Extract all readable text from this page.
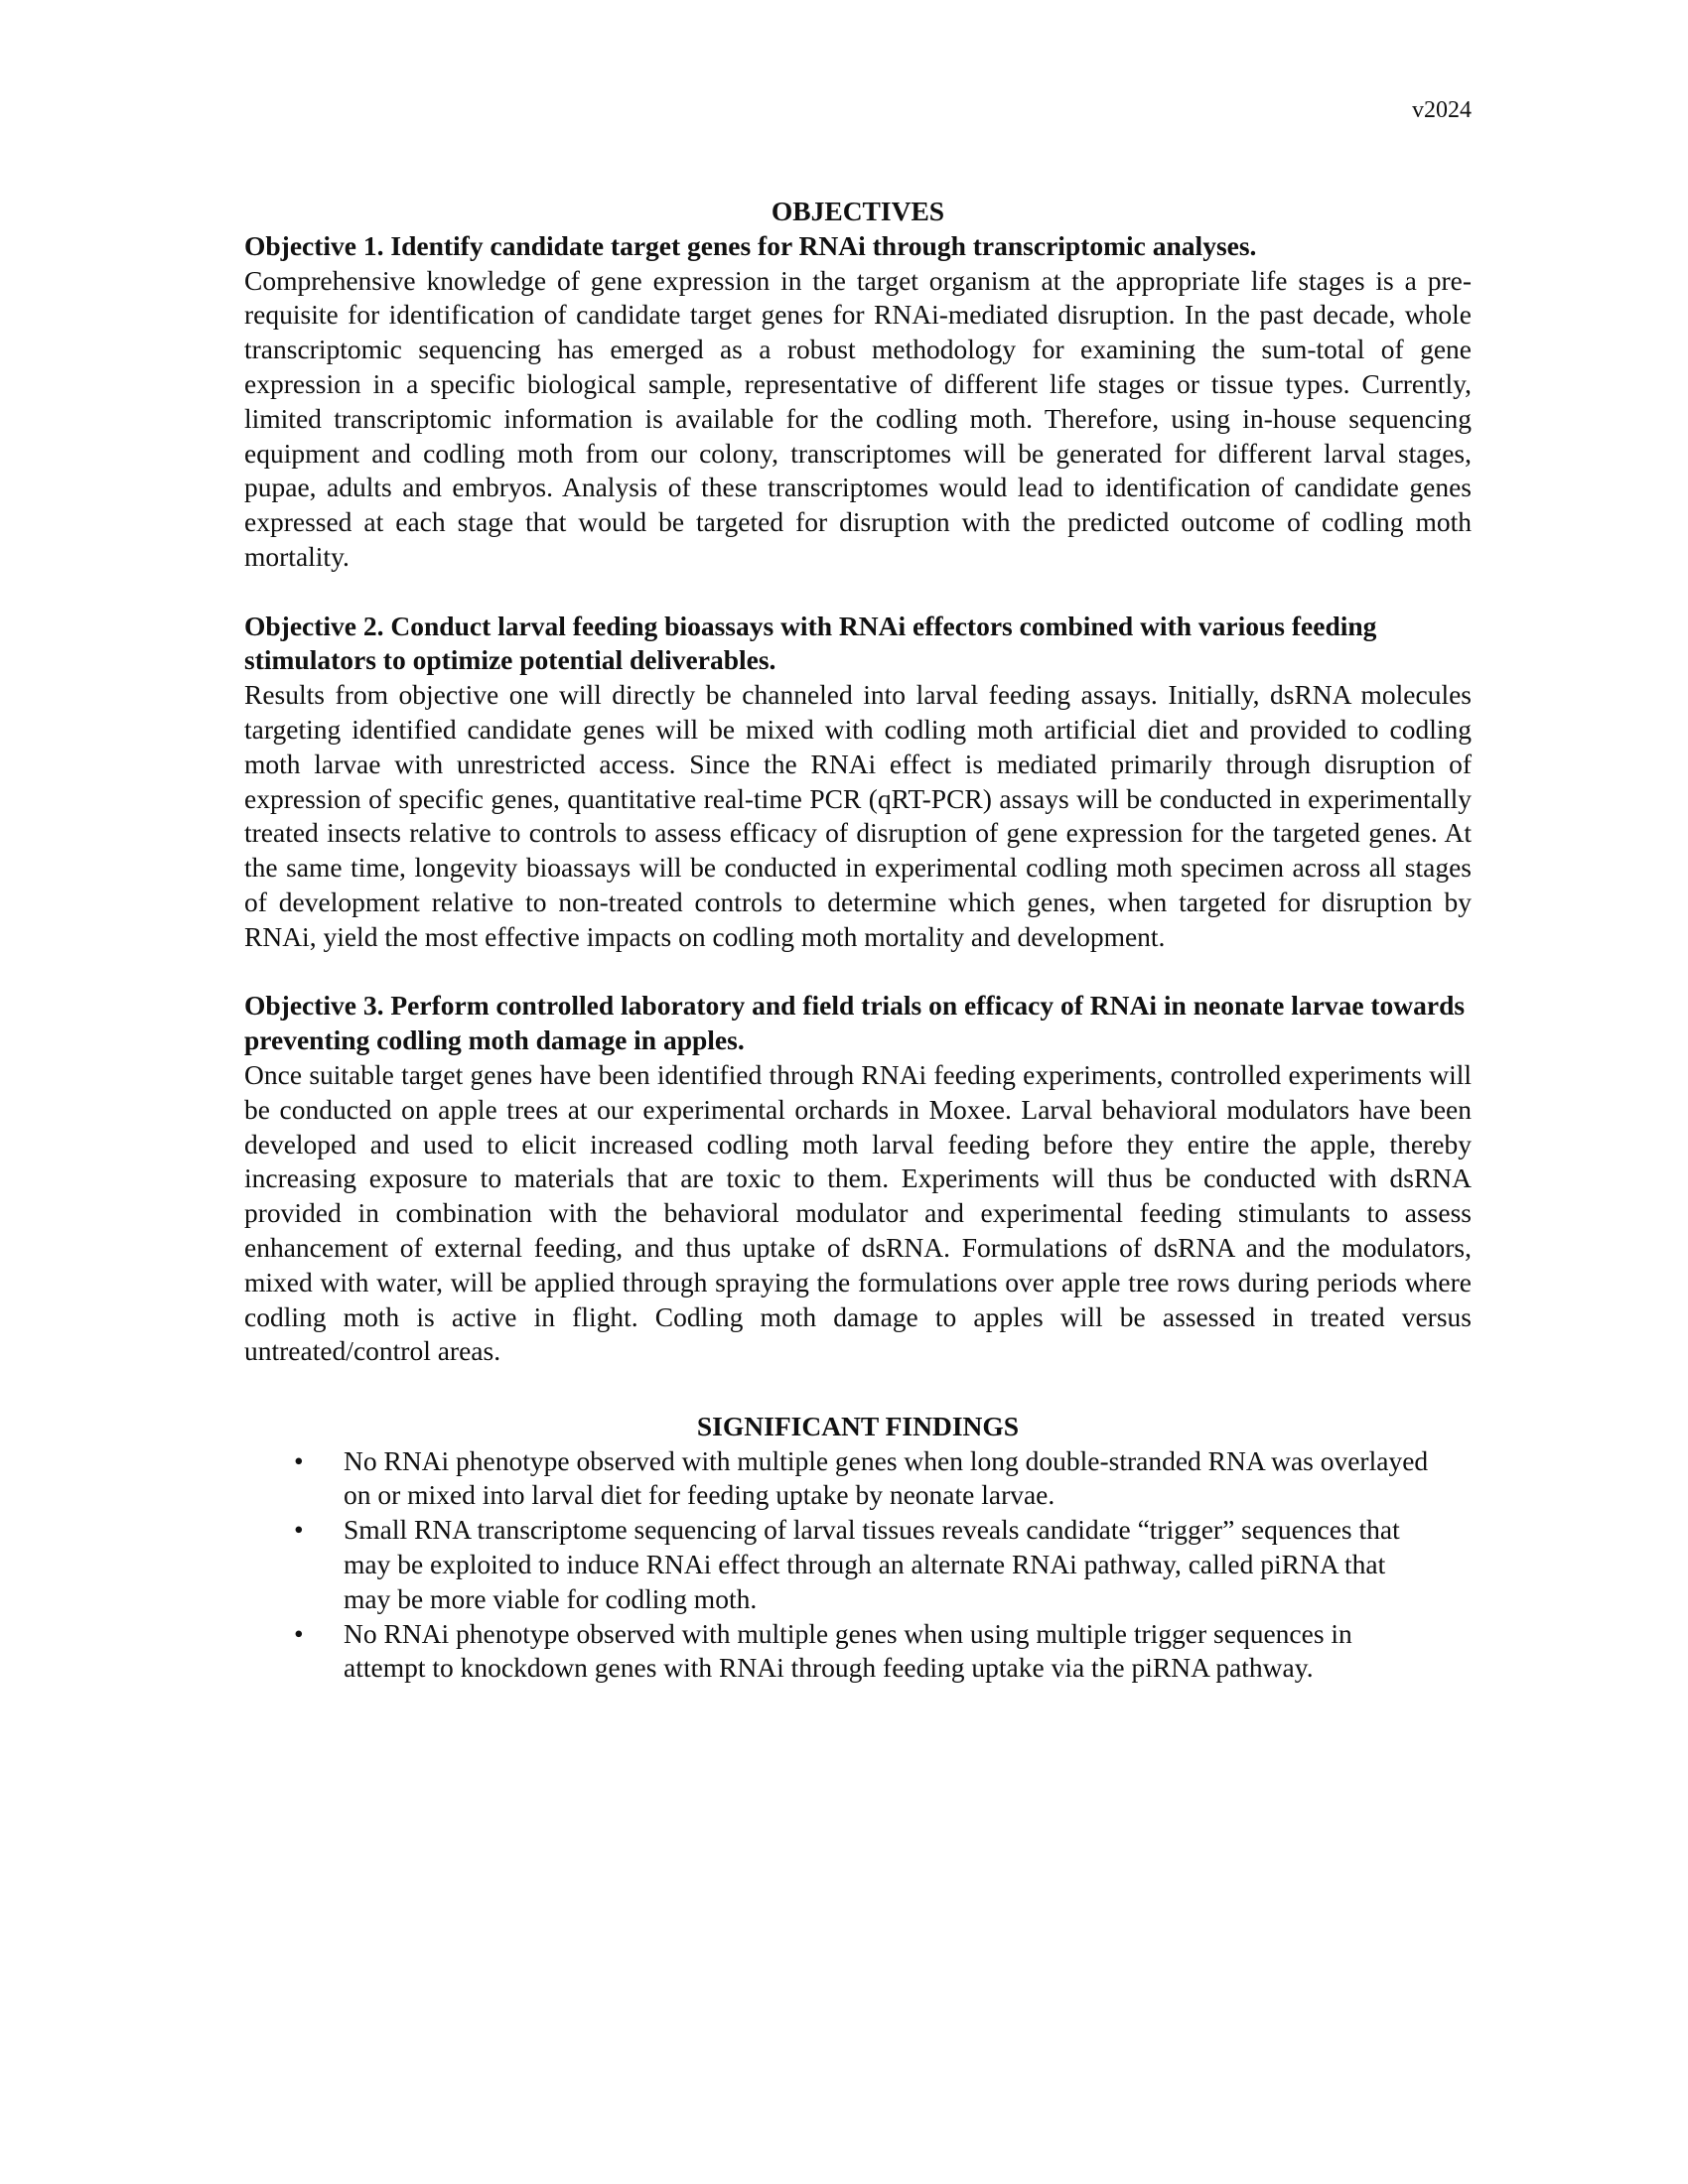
v2024
OBJECTIVES

Objective 1. Identify candidate target genes for RNAi through transcriptomic analyses.

Comprehensive knowledge of gene expression in the target organism at the appropriate life stages is a pre-requisite for identification of candidate target genes for RNAi-mediated disruption. In the past decade, whole transcriptomic sequencing has emerged as a robust methodology for examining the sum-total of gene expression in a specific biological sample, representative of different life stages or tissue types. Currently, limited transcriptomic information is available for the codling moth. Therefore, using in-house sequencing equipment and codling moth from our colony, transcriptomes will be generated for different larval stages, pupae, adults and embryos. Analysis of these transcriptomes would lead to identification of candidate genes expressed at each stage that would be targeted for disruption with the predicted outcome of codling moth mortality.

Objective 2. Conduct larval feeding bioassays with RNAi effectors combined with various feeding stimulators to optimize potential deliverables.

Results from objective one will directly be channeled into larval feeding assays. Initially, dsRNA molecules targeting identified candidate genes will be mixed with codling moth artificial diet and provided to codling moth larvae with unrestricted access. Since the RNAi effect is mediated primarily through disruption of expression of specific genes, quantitative real-time PCR (qRT-PCR) assays will be conducted in experimentally treated insects relative to controls to assess efficacy of disruption of gene expression for the targeted genes. At the same time, longevity bioassays will be conducted in experimental codling moth specimen across all stages of development relative to non-treated controls to determine which genes, when targeted for disruption by RNAi, yield the most effective impacts on codling moth mortality and development.

Objective 3. Perform controlled laboratory and field trials on efficacy of RNAi in neonate larvae towards preventing codling moth damage in apples.

Once suitable target genes have been identified through RNAi feeding experiments, controlled experiments will be conducted on apple trees at our experimental orchards in Moxee. Larval behavioral modulators have been developed and used to elicit increased codling moth larval feeding before they entire the apple, thereby increasing exposure to materials that are toxic to them. Experiments will thus be conducted with dsRNA provided in combination with the behavioral modulator and experimental feeding stimulants to assess enhancement of external feeding, and thus uptake of dsRNA. Formulations of dsRNA and the modulators, mixed with water, will be applied through spraying the formulations over apple tree rows during periods where codling moth is active in flight. Codling moth damage to apples will be assessed in treated versus untreated/control areas.

SIGNIFICANT FINDINGS
• No RNAi phenotype observed with multiple genes when long double-stranded RNA was overlayed on or mixed into larval diet for feeding uptake by neonate larvae.
• Small RNA transcriptome sequencing of larval tissues reveals candidate “trigger” sequences that may be exploited to induce RNAi effect through an alternate RNAi pathway, called piRNA that may be more viable for codling moth.
• No RNAi phenotype observed with multiple genes when using multiple trigger sequences in attempt to knockdown genes with RNAi through feeding uptake via the piRNA pathway.
